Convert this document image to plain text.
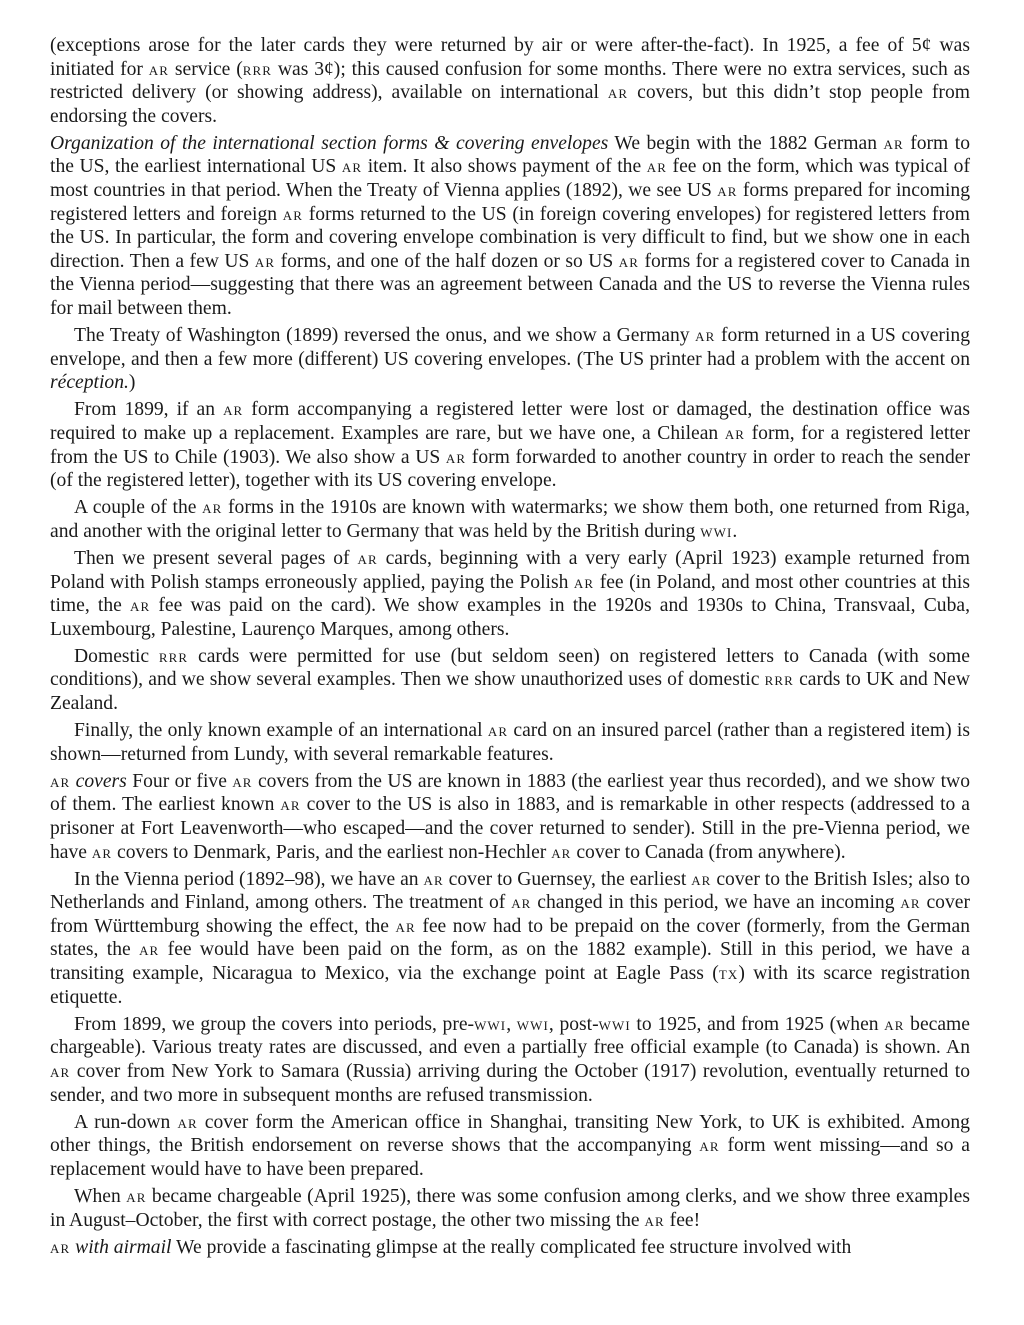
(exceptions arose for the later cards they were returned by air or were after-the-fact). In 1925, a fee of 5¢ was initiated for ar service (rrr was 3¢); this caused confusion for some months. There were no extra services, such as restricted delivery (or showing address), available on international ar covers, but this didn’t stop people from endorsing the covers.

Organization of the international section forms & covering envelopes We begin with the 1882 German ar form to the US, the earliest international US ar item. It also shows payment of the ar fee on the form, which was typical of most countries in that period. When the Treaty of Vienna applies (1892), we see US ar forms prepared for incoming registered letters and foreign ar forms returned to the US (in foreign covering envelopes) for registered letters from the US. In particular, the form and covering envelope combination is very difficult to find, but we show one in each direction. Then a few US ar forms, and one of the half dozen or so US ar forms for a registered cover to Canada in the Vienna period—suggesting that there was an agreement between Canada and the US to reverse the Vienna rules for mail between them.

The Treaty of Washington (1899) reversed the onus, and we show a Germany ar form returned in a US covering envelope, and then a few more (different) US covering envelopes. (The US printer had a problem with the accent on réception.)

From 1899, if an ar form accompanying a registered letter were lost or damaged, the destination office was required to make up a replacement. Examples are rare, but we have one, a Chilean ar form, for a registered letter from the US to Chile (1903). We also show a US ar form forwarded to another country in order to reach the sender (of the registered letter), together with its US covering envelope.

A couple of the ar forms in the 1910s are known with watermarks; we show them both, one returned from Riga, and another with the original letter to Germany that was held by the British during wwi.

Then we present several pages of ar cards, beginning with a very early (April 1923) example returned from Poland with Polish stamps erroneously applied, paying the Polish ar fee (in Poland, and most other countries at this time, the ar fee was paid on the card). We show examples in the 1920s and 1930s to China, Transvaal, Cuba, Luxembourg, Palestine, Laurenço Marques, among others.

Domestic rrr cards were permitted for use (but seldom seen) on registered letters to Canada (with some conditions), and we show several examples. Then we show unauthorized uses of domestic rrr cards to UK and New Zealand.

Finally, the only known example of an international ar card on an insured parcel (rather than a registered item) is shown—returned from Lundy, with several remarkable features.

ar covers Four or five ar covers from the US are known in 1883 (the earliest year thus recorded), and we show two of them. The earliest known ar cover to the US is also in 1883, and is remarkable in other respects (addressed to a prisoner at Fort Leavenworth—who escaped—and the cover returned to sender). Still in the pre-Vienna period, we have ar covers to Denmark, Paris, and the earliest non-Hechler ar cover to Canada (from anywhere).

In the Vienna period (1892–98), we have an ar cover to Guernsey, the earliest ar cover to the British Isles; also to Netherlands and Finland, among others. The treatment of ar changed in this period, we have an incoming ar cover from Württemburg showing the effect, the ar fee now had to be prepaid on the cover (formerly, from the German states, the ar fee would have been paid on the form, as on the 1882 example). Still in this period, we have a transiting example, Nicaragua to Mexico, via the exchange point at Eagle Pass (tx) with its scarce registration etiquette.

From 1899, we group the covers into periods, pre-wwi, wwi, post-wwi to 1925, and from 1925 (when ar became chargeable). Various treaty rates are discussed, and even a partially free official example (to Canada) is shown. An ar cover from New York to Samara (Russia) arriving during the October (1917) revolution, eventually returned to sender, and two more in subsequent months are refused transmission.

A run-down ar cover form the American office in Shanghai, transiting New York, to UK is exhibited. Among other things, the British endorsement on reverse shows that the accompanying ar form went missing—and so a replacement would have to have been prepared.

When ar became chargeable (April 1925), there was some confusion among clerks, and we show three examples in August–October, the first with correct postage, the other two missing the ar fee!

ar with airmail We provide a fascinating glimpse at the really complicated fee structure involved with
